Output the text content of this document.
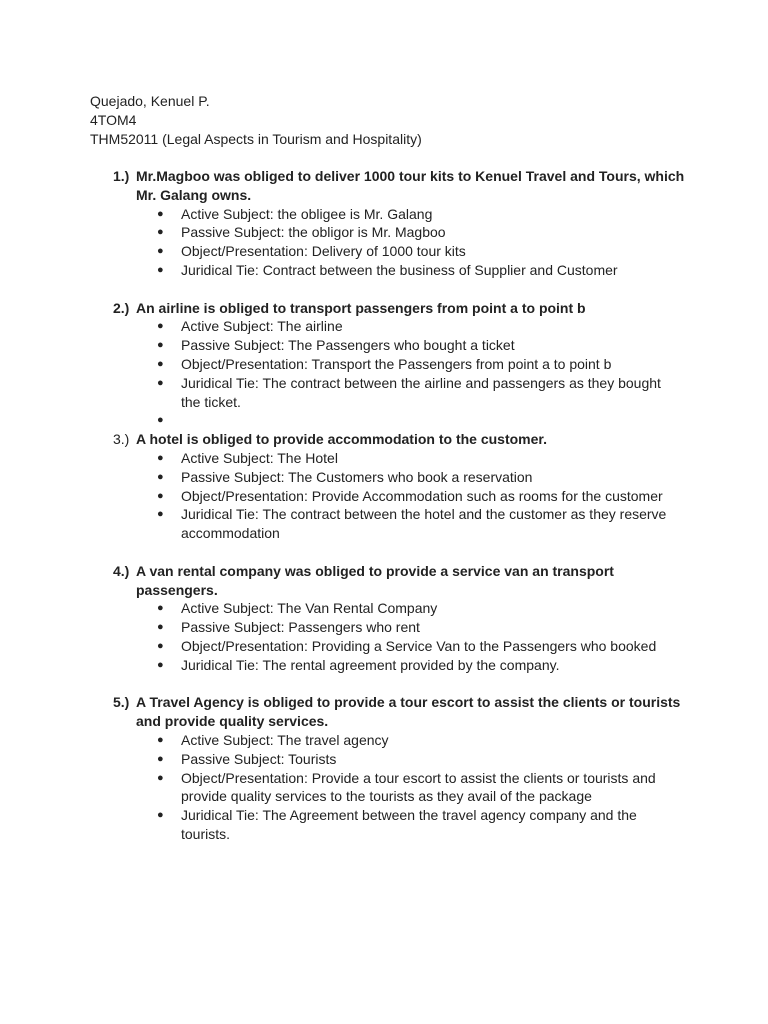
Quejado, Kenuel P.
4TOM4
THM52011 (Legal Aspects in Tourism and Hospitality)
1.) Mr.Magboo was obliged to deliver 1000 tour kits to Kenuel Travel and Tours, which Mr. Galang owns.
● Active Subject: the obligee is Mr. Galang
● Passive Subject: the obligor is Mr. Magboo
● Object/Presentation: Delivery of 1000 tour kits
● Juridical Tie: Contract between the business of Supplier and Customer
2.) An airline is obliged to transport passengers from point a to point b
● Active Subject: The airline
● Passive Subject: The Passengers who bought a ticket
● Object/Presentation: Transport the Passengers from point a to point b
● Juridical Tie: The contract between the airline and passengers as they bought the ticket.
●
3.) A hotel is obliged to provide accommodation to the customer.
● Active Subject: The Hotel
● Passive Subject: The Customers who book a reservation
● Object/Presentation: Provide Accommodation such as rooms for the customer
● Juridical Tie: The contract between the hotel and the customer as they reserve accommodation
4.) A van rental company was obliged to provide a service van an transport passengers.
● Active Subject: The Van Rental Company
● Passive Subject: Passengers who rent
● Object/Presentation: Providing a Service Van to the Passengers who booked
● Juridical Tie: The rental agreement provided by the company.
5.) A Travel Agency is obliged to provide a tour escort to assist the clients or tourists and provide quality services.
● Active Subject: The travel agency
● Passive Subject: Tourists
● Object/Presentation: Provide a tour escort to assist the clients or tourists and provide quality services to the tourists as they avail of the package
● Juridical Tie: The Agreement between the travel agency company and the tourists.
